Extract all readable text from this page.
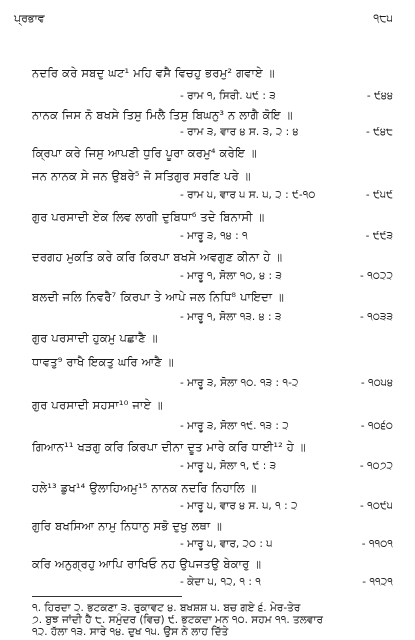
ਪ੍ਰਭਾਵ	੧੮੫
ਨਦਰਿ ਕਰੇ ਸਬਦੁ ਘਟ¹ ਮਹਿ ਵਸੈ ਵਿਚਹੁ ਭਰਮੁ² ਗਵਾਏ ॥
- ਰਾਮ ੧, ਸਿਰੀ. ੫੯ : ੩	- ੯੪੪
ਨਾਨਕ ਜਿਸ ਨੋ ਬਖਸੇ ਤਿਸੁ ਮਿਲੈ ਤਿਸੁ ਬਿਘਨੁ³ ਨ ਲਾਗੈ ਕੋਇ ॥
- ਰਾਮ ੩, ਵਾਰ ੪ ਸ. ੩, ੨ : ੪	- ੯੪੮
ਕ੍ਰਿਪਾ ਕਰੇ ਜਿਸੁ ਆਪਣੀ ਧੁਰਿ ਪੂਰਾ ਕਰਮੁ⁴ ਕਰੇਇ ॥
ਜਨ ਨਾਨਕ ਸੇ ਜਨ ਉਬਰੇ⁵ ਜੋ ਸਤਿਗੁਰ ਸਰਣਿ ਪਰੇ ॥
- ਰਾਮ ੫, ਵਾਰ ੫ ਸ. ੫, ੨ : ੯-੧੦	- ੯੫੯
ਗੁਰ ਪਰਸਾਦੀ ਏਕ ਲਿਵ ਲਾਗੀ ਦੁਬਿਧਾ⁶ ਤਦੇ ਬਿਨਾਸੀ ॥
- ਮਾਰੂ ੩, ੧੪ : ੧	- ੯੯੩
ਦਰਗਹ ਮੁਕਤਿ ਕਰੇ ਕਰਿ ਕਿਰਪਾ ਬਖਸੇ ਅਵਗੁਣ ਕੀਨਾ ਹੇ ॥
- ਮਾਰੂ ੧, ਸੋਲਾ ੧੦, ੪ : ੩	- ੧੦੨੨
ਬਲਦੀ ਜਲਿ ਨਿਵਰੈ⁷ ਕਿਰਪਾ ਤੇ ਆਪੇ ਜਲ ਨਿਧਿ⁸ ਪਾਇਦਾ ॥
- ਮਾਰੂ ੧, ਸੋਲਾ ੧੩. ੪ : ੩	- ੧੦੩੩
ਗੁਰ ਪਰਸਾਦੀ ਹੁਕਮੁ ਪਛਾਣੈ ॥
ਧਾਵਤੁ⁹ ਰਾਖੈ ਇਕਤੁ ਘਰਿ ਆਣੈ ॥
- ਮਾਰੂ ੩, ਸੋਲਾ ੧੦. ੧੩ : ੧-੨	- ੧੦੫੪
ਗੁਰ ਪਰਸਾਦੀ ਸਹਸਾ¹⁰ ਜਾਏ ॥
- ਮਾਰੂ ੩, ਸੋਲਾ ੧੯. ੧੩ : ੨	- ੧੦੬੦
ਗਿਆਨ¹¹ ਖੜਗੁ ਕਰਿ ਕਿਰਪਾ ਦੀਨਾ ਦੂਤ ਮਾਰੇ ਕਰਿ ਧਾਈ¹² ਹੇ ॥
- ਮਾਰੂ ੫, ਸੋਲਾ ੧, ੯ : ੩	- ੧੦੭੨
ਹਲੇ¹³ ਡੁਖ¹⁴ ਉਲਾਹਿਅਮੁ¹⁵ ਨਾਨਕ ਨਦਰਿ ਨਿਹਾਲਿ ॥
- ਮਾਰੂ ੫, ਵਾਰ ੪ ਸ. ੫, ੧ : ੨	- ੧੦੯੫
ਗੁਰਿ ਬਖਸਿਆ ਨਾਮੁ ਨਿਧਾਨੁ ਸਭੋ ਦੁਖੁ ਲਥਾ ॥
- ਮਾਰੂ ੫, ਵਾਰ, ੨੦ : ੫	- ੧੧੦੧
ਕਰਿ ਅਨੁਗ੍ਰਹੁ ਆਪਿ ਰਾਖਿਓ ਨਹ ਉਪਜਤਉ ਬੇਕਾਰੁ ॥
- ਕੇਦਾ ੫, ੧੨, ੧ : ੧	- ੧੧੨੧
੧. ਹਿਰਦਾ ੨. ਭਟਕਣਾ ੩. ਰੁਕਾਵਟ ੪. ਬਖਸ਼ਸ਼ ੫. ਬਚ ਗਏ ੬. ਮੇਰ-ਤੇਰ
੭. ਬੁਝ ਜਾਂਦੀ ਹੈ ੮. ਸਮੁੰਦਰ (ਵਿਚ) ੯. ਭਟਕਦਾ ਮਨ ੧੦. ਸਹਮ ੧੧. ਤਲਵਾਰ
੧੨. ਹੱਲਾ ੧੩. ਸਾਰੇ ੧੪. ਦੁਖ ੧੫. ਉਸ ਨੇ ਲਾਹ ਦਿੱਤੇ
